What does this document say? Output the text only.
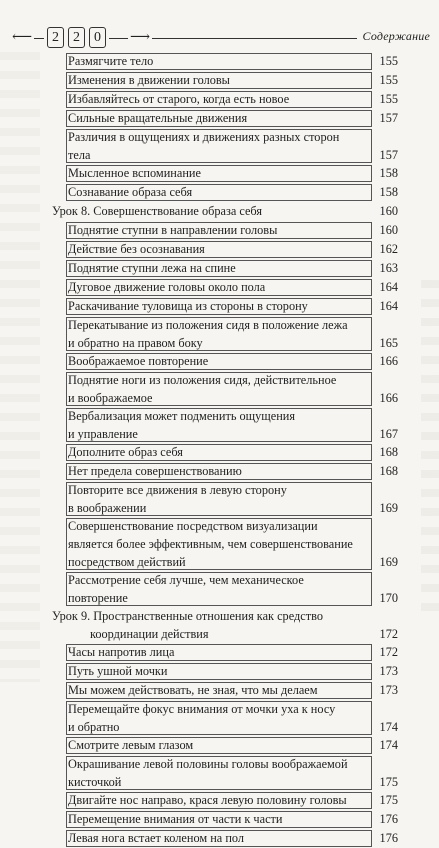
⟵	2	2	0	⟶	Содержание
Размягчите тело	155
Изменения в движении головы	155
Избавляйтесь от старого, когда есть новое	155
Сильные вращательные движения	157
Различия в ощущениях и движениях разных сторон
тела	157
Мысленное вспоминание	158
Сознавание образа себя	158
Урок 8. Совершенствование образа себя	160
Поднятие ступни в направлении головы	160
Действие без осознавания	162
Поднятие ступни лежа на спине	163
Дуговое движение головы около пола	164
Раскачивание туловища из стороны в сторону	164
Перекатывание из положения сидя в положение лежа
и обратно на правом боку	165
Воображаемое повторение	166
Поднятие ноги из положения сидя, действительное
и воображаемое	166
Вербализация может подменить ощущения
и управление	167
Дополните образ себя	168
Нет предела совершенствованию	168
Повторите все движения в левую сторону
в воображении	169
Совершенствование посредством визуализации
является более эффективным, чем совершенствование
посредством действий	169
Рассмотрение себя лучше, чем механическое
повторение	170
Урок 9. Пространственные отношения как средство
координации действия	172
Часы напротив лица	172
Путь ушной мочки	173
Мы можем действовать, не зная, что мы делаем	173
Перемещайте фокус внимания от мочки уха к носу
и обратно	174
Смотрите левым глазом	174
Окрашивание левой половины головы воображаемой
кисточкой	175
Двигайте нос направо, крася левую половину головы	175
Перемещение внимания от части к части	176
Левая нога встает коленом на пол	176
